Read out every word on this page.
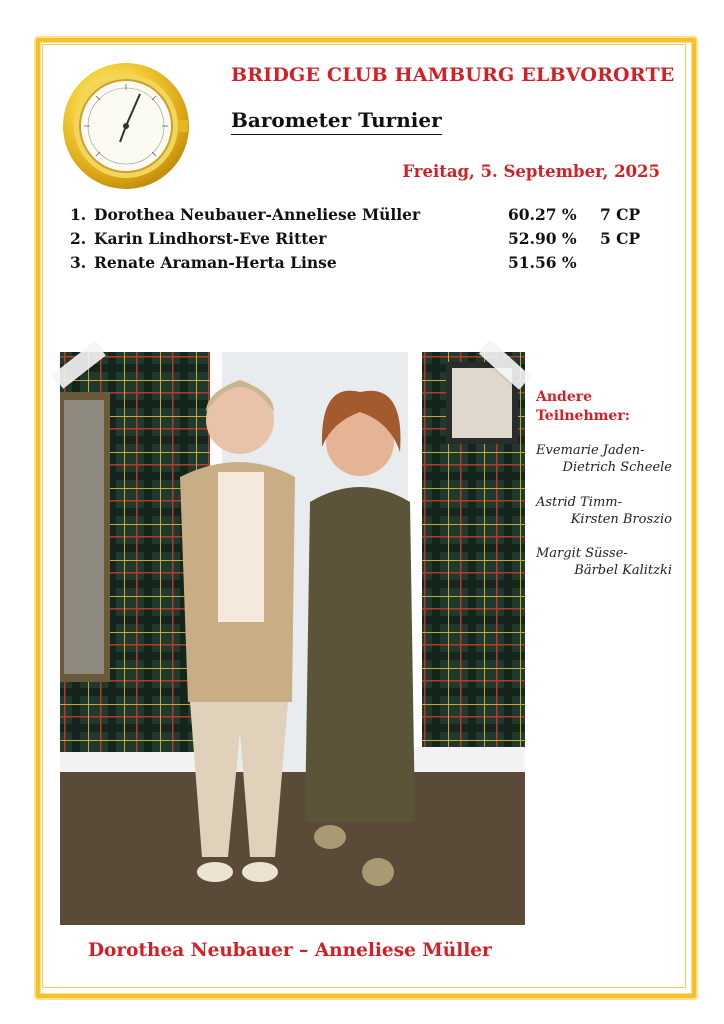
BRIDGE CLUB HAMBURG ELBVORORTE
Barometer Turnier
Freitag, 5. September, 2025
1. Dorothea Neubauer-Anneliese Müller	60.27 % 7 CP
2. Karin Lindhorst-Eve Ritter	52.90 % 5 CP
3. Renate Araman-Herta Linse	51.56 %
Andere
Teilnehmer:
Evemarie Jaden-
Dietrich Scheele
Astrid Timm-
Kirsten Broszio
Margit Süsse-
Bärbel Kalitzki
Dorothea Neubauer – Anneliese Müller
